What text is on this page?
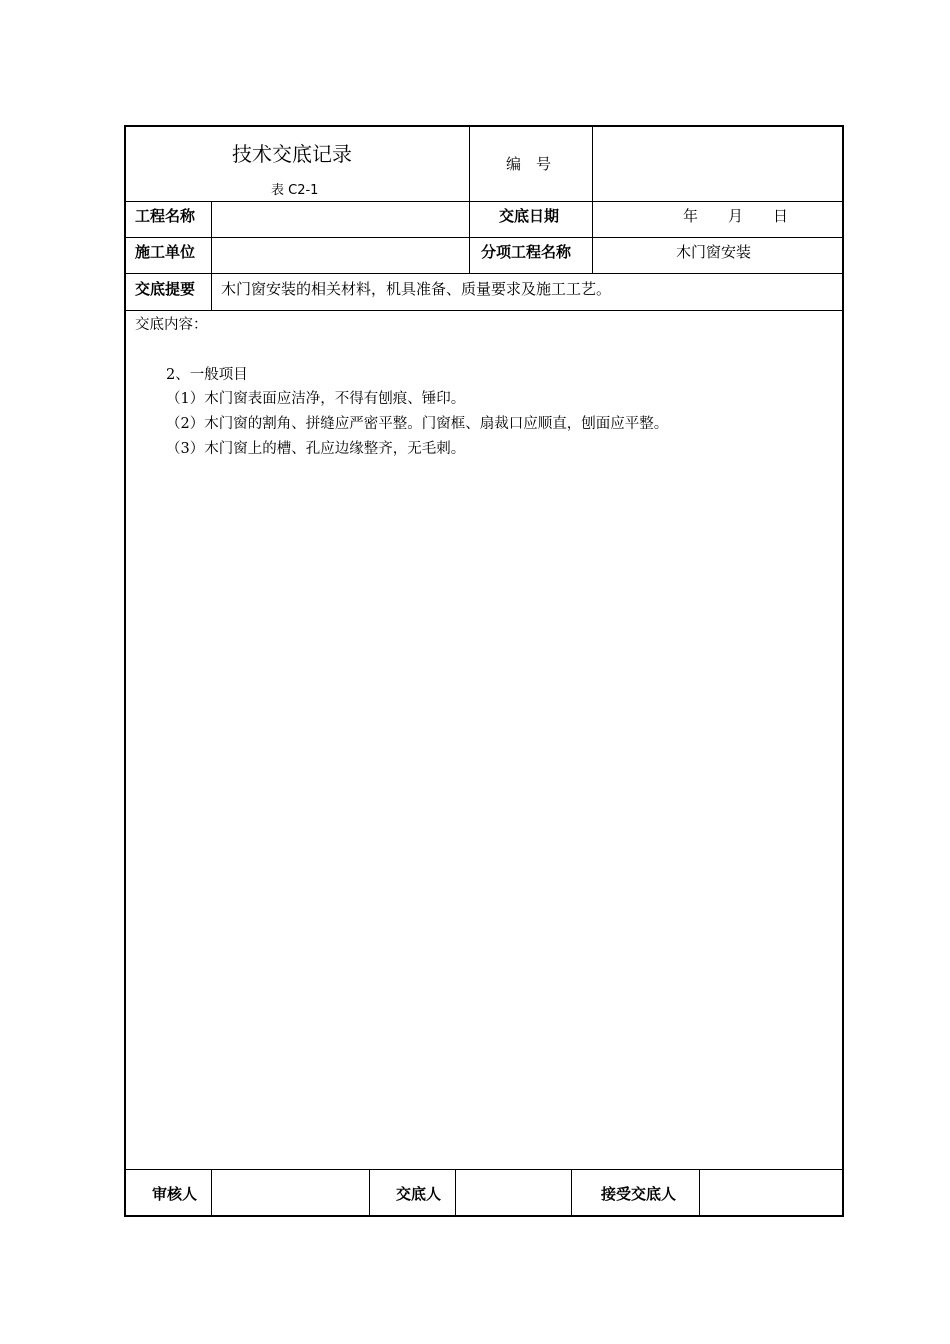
技术交底记录
表 C2-1
编　号
工程名称	交底日期	年　　月　　日
施工单位	分项工程名称	木门窗安装
交底提要 木门窗安装的相关材料，机具准备、质量要求及施工工艺。
交底内容：
2、一般项目
（1）木门窗表面应洁净，不得有刨痕、锤印。
（2）木门窗的割角、拼缝应严密平整。门窗框、扇裁口应顺直，刨面应平整。
（3）木门窗上的槽、孔应边缘整齐，无毛刺。
审核人	交底人	接受交底人
